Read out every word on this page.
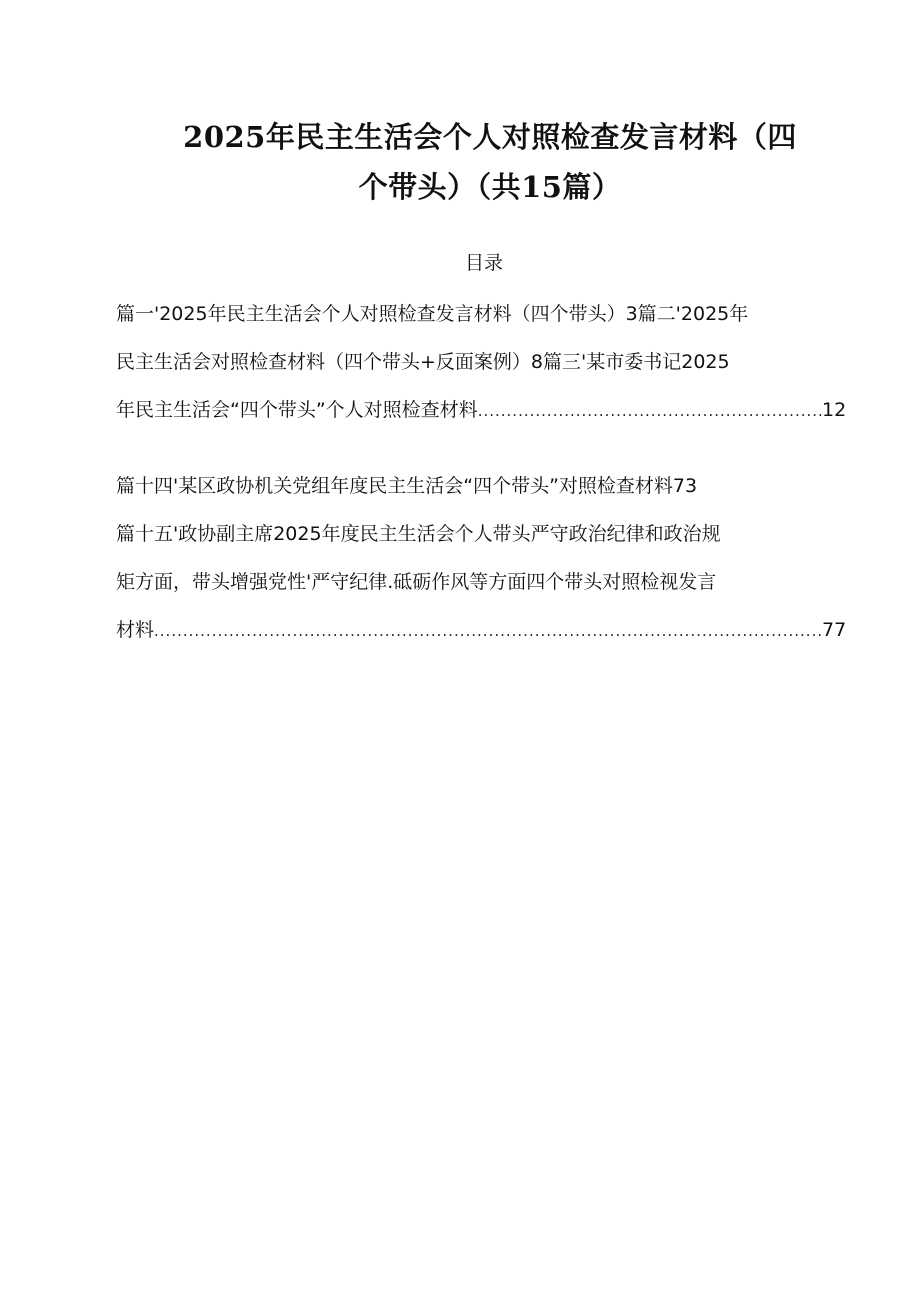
2025年民主生活会个人对照检查发言材料（四
个带头）（共15篇）
目录

篇一'2025年民主生活会个人对照检查发言材料（四个带头）3篇二'2025年

民主生活会对照检查材料（四个带头+反面案例）8篇三'某市委书记2025

年民主生活会“四个带头”个人对照检查材料 .....	12

篇十四'某区政协机关党组年度民主生活会“四个带头”对照检查材料73

篇十五'政协副主席2025年度民主生活会个人带头严守政治纪律和政治规

矩方面，带头增强党性'严守纪律.砥砺作风等方面四个带头对照检视发言

材料 .....	77
